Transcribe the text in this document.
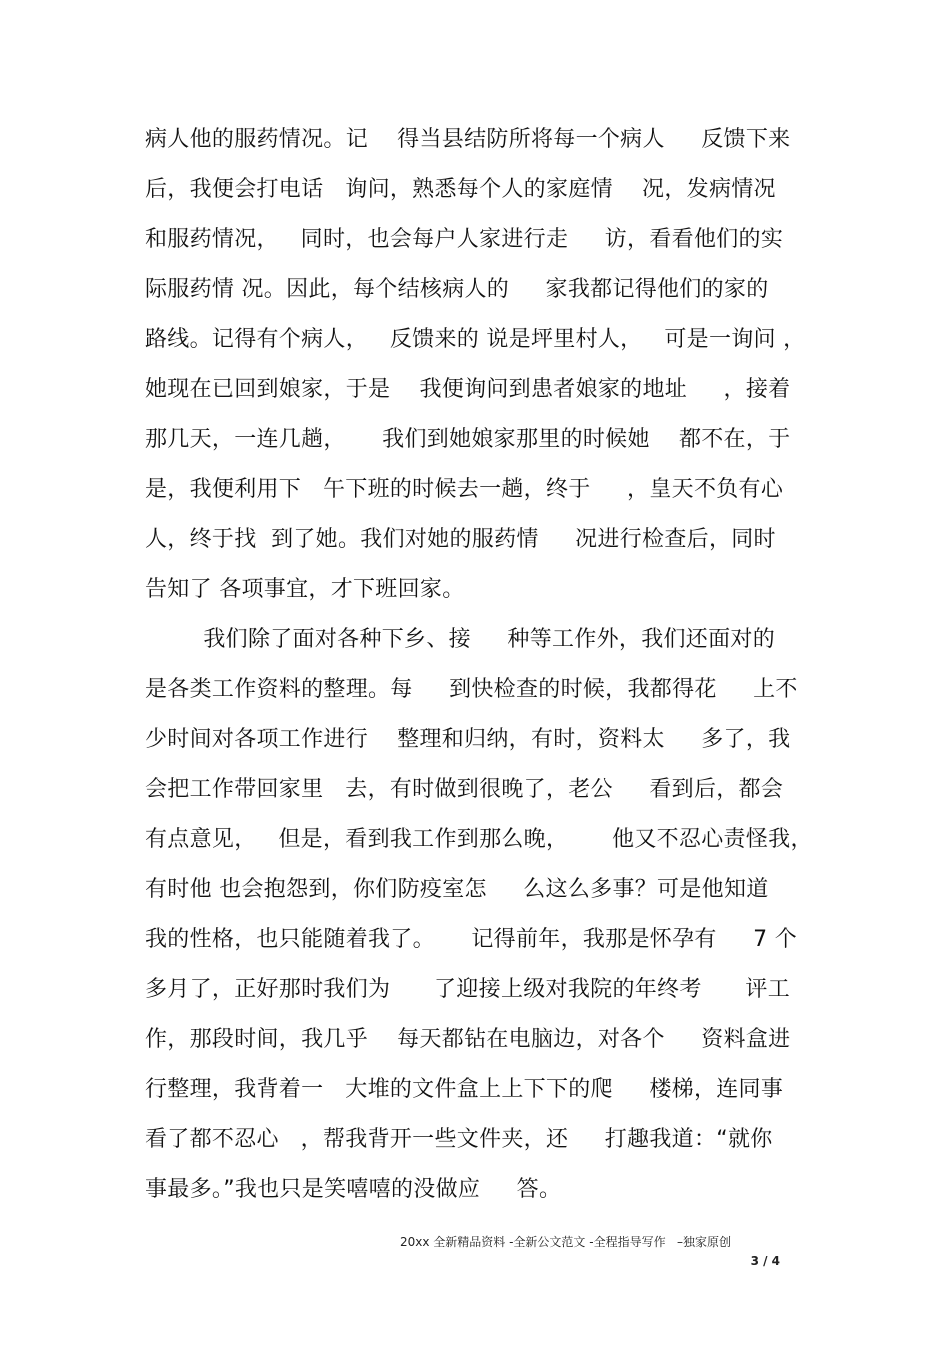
病人他的服药情况。记    得当县结防所将每一个病人     反馈下来
后，我便会打电话   询问，熟悉每个人的家庭情    况，发病情况
和服药情况，   同时，也会每户人家进行走     访，看看他们的实
际服药情 况。因此，每个结核病人的     家我都记得他们的家的
路线。记得有个病人，   反馈来的 说是坪里村人，   可是一询问 ，
她现在已回到娘家，于是    我便询问到患者娘家的地址     ，接着
那几天，一连几趟，     我们到她娘家那里的时候她    都不在，于
是，我便利用下   午下班的时候去一趟，终于     ，皇天不负有心
人，终于找  到了她。我们对她的服药情     况进行检查后，同时
告知了 各项事宜，才下班回家。
我们除了面对各种下乡、接     种等工作外，我们还面对的
是各类工作资料的整理。每     到快检查的时候，我都得花     上不
少时间对各项工作进行    整理和归纳，有时，资料太     多了，我
会把工作带回家里   去，有时做到很晚了，老公     看到后，都会
有点意见，   但是，看到我工作到那么晚，      他又不忍心责怪我，
有时他 也会抱怨到，你们防疫室怎     么这么多事？可是他知道
我的性格，也只能随着我了。     记得前年，我那是怀孕有     7 个
多月了，正好那时我们为      了迎接上级对我院的年终考      评工
作，那段时间，我几乎    每天都钻在电脑边，对各个     资料盒进
行整理，我背着一   大堆的文件盒上上下下的爬     楼梯，连同事
看了都不忍心   ，帮我背开一些文件夹，还     打趣我道：“就你
事最多。”我也只是笑嘻嘻的没做应     答。
20xx 全新精品资料 -全新公文范文 -全程指导写作   –独家原创
3 / 4
